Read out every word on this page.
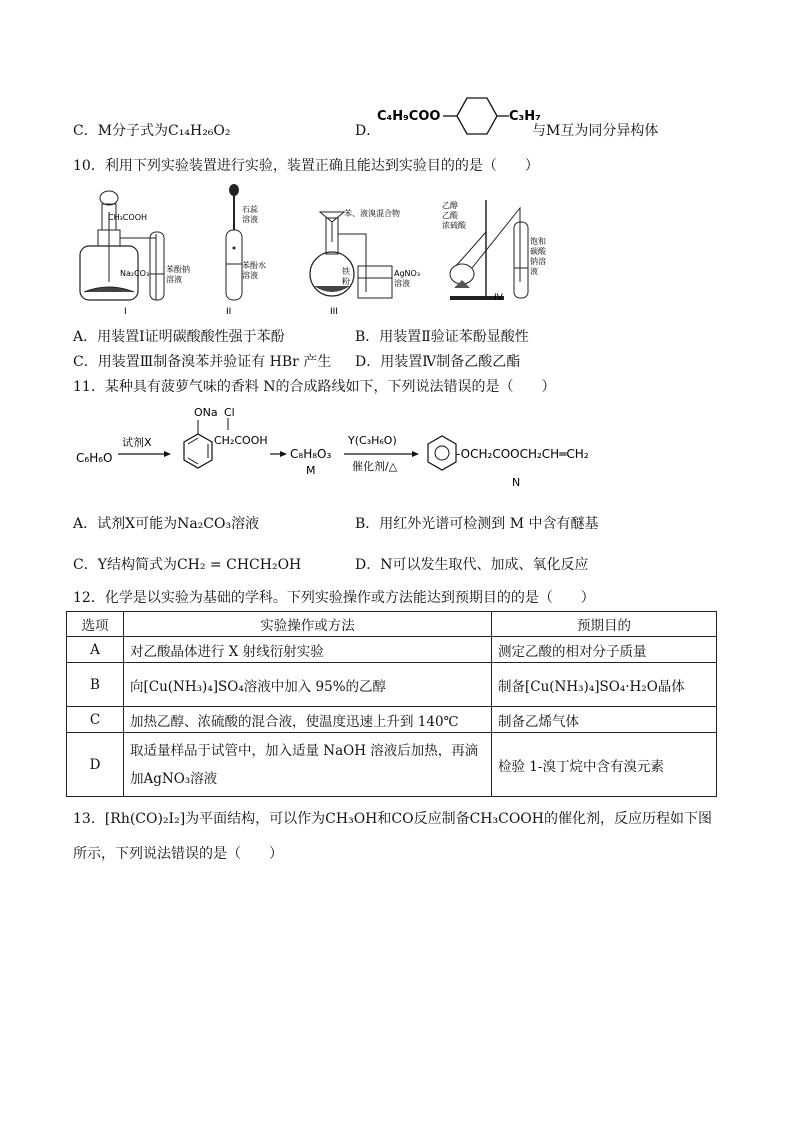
C．M分子式为C₁₄H₂₆O₂	D．
C₄H₉COO	C₃H₇
与M互为同分异构体
10．利用下列实验装置进行实验，装置正确且能达到实验目的的是（　　）
CH₃COOH
Na₂CO₃ 苯酚钠
溶液
I
石蕊
溶液
苯酚水
溶液
II
苯、液溴混合物
铁
粉
AgNO₃
溶液
III
乙醇
乙酸
浓硫酸
饱和
碳酸
钠溶
液
IV
A．用装置Ⅰ证明碳酸酸性强于苯酚	B．用装置Ⅱ验证苯酚显酸性
C．用装置Ⅲ制备溴苯并验证有 HBr 产生 D．用装置Ⅳ制备乙酸乙酯
11．某种具有菠萝气味的香料 N的合成路线如下，下列说法错误的是（　　）
C₆H₆O
试剂X
ONa Cl
CH₂COOH
C₈H₈O₃
M
Y(C₃H₆O)
催化剂/△
-OCH₂COOCH₂CH═CH₂
N
A．试剂X可能为Na₂CO₃溶液	B．用红外光谱可检测到 M 中含有醚基
C．Y结构简式为CH₂ = CHCH₂OH	D．N可以发生取代、加成、氧化反应
12．化学是以实验为基础的学科。下列实验操作或方法能达到预期目的的是（　　）
选项	实验操作或方法	预期目的
A	对乙酸晶体进行 X 射线衍射实验	测定乙酸的相对分子质量
B	向[Cu(NH₃)₄]SO₄溶液中加入 95%的乙醇	制备[Cu(NH₃)₄]SO₄·H₂O晶体
C	加热乙醇、浓硫酸的混合液，使温度迅速上升到 140℃	制备乙烯气体
D	取适量样品于试管中，加入适量 NaOH 溶液后加热，再滴
加AgNO₃溶液	检验 1-溴丁烷中含有溴元素
13．[Rh(CO)₂I₂]为平面结构，可以作为CH₃OH和CO反应制备CH₃COOH的催化剂，反应历程如下图
所示，下列说法错误的是（　　）
